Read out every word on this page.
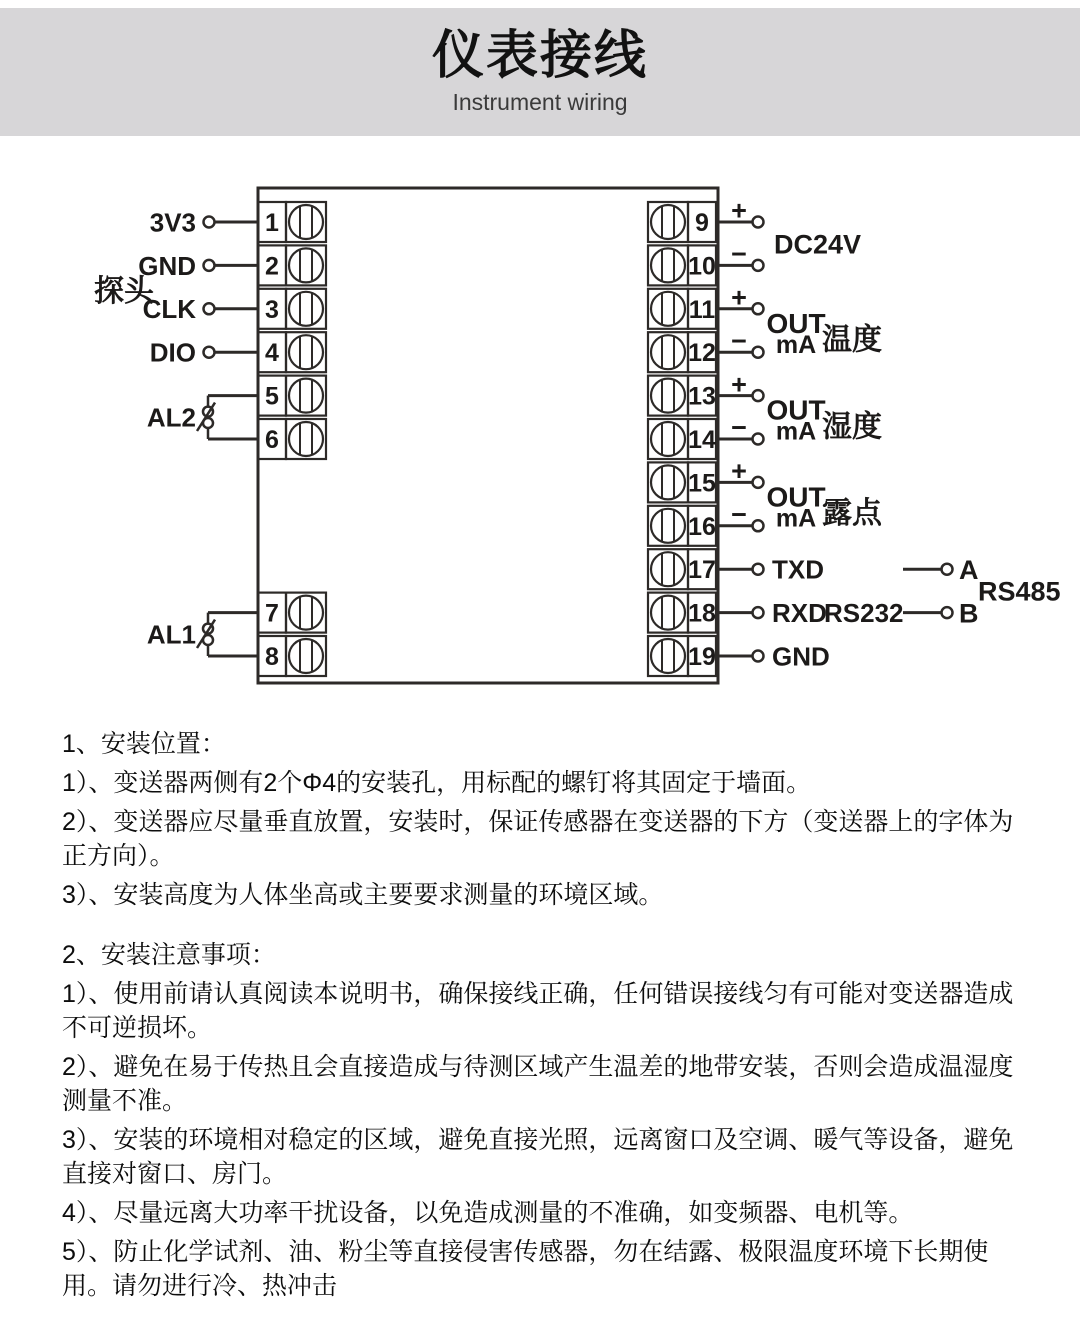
仪表接线
Instrument wiring
1
3V3
2
GND
3
CLK
4
DIO
5
6
AL2
7
8
AL1
探头
9
10
+
− DC24V
11
12
+
−
OUT
mA 温度
13
14
+
−
OUT
mA 湿度
15
16
+
−
OUT
mA 露点
17 TXD
18 RXD
RS232
19 GND
A
B
RS485

1、安装位置：

1）、变送器两侧有2个Φ4的安装孔，用标配的螺钉将其固定于墙面。

2）、变送器应尽量垂直放置，安装时，保证传感器在变送器的下方（变送器上的字体为正方向）。

3）、安装高度为人体坐高或主要要求测量的环境区域。

2、安装注意事项：

1）、使用前请认真阅读本说明书，确保接线正确，任何错误接线匀有可能对变送器造成不可逆损坏。

2）、避免在易于传热且会直接造成与待测区域产生温差的地带安装，否则会造成温湿度测量不准。

3）、安装的环境相对稳定的区域，避免直接光照，远离窗口及空调、暖气等设备，避免直接对窗口、房门。

4）、尽量远离大功率干扰设备，以免造成测量的不准确，如变频器、电机等。

5）、防止化学试剂、油、粉尘等直接侵害传感器，勿在结露、极限温度环境下长期使用。请勿进行冷、热冲击
